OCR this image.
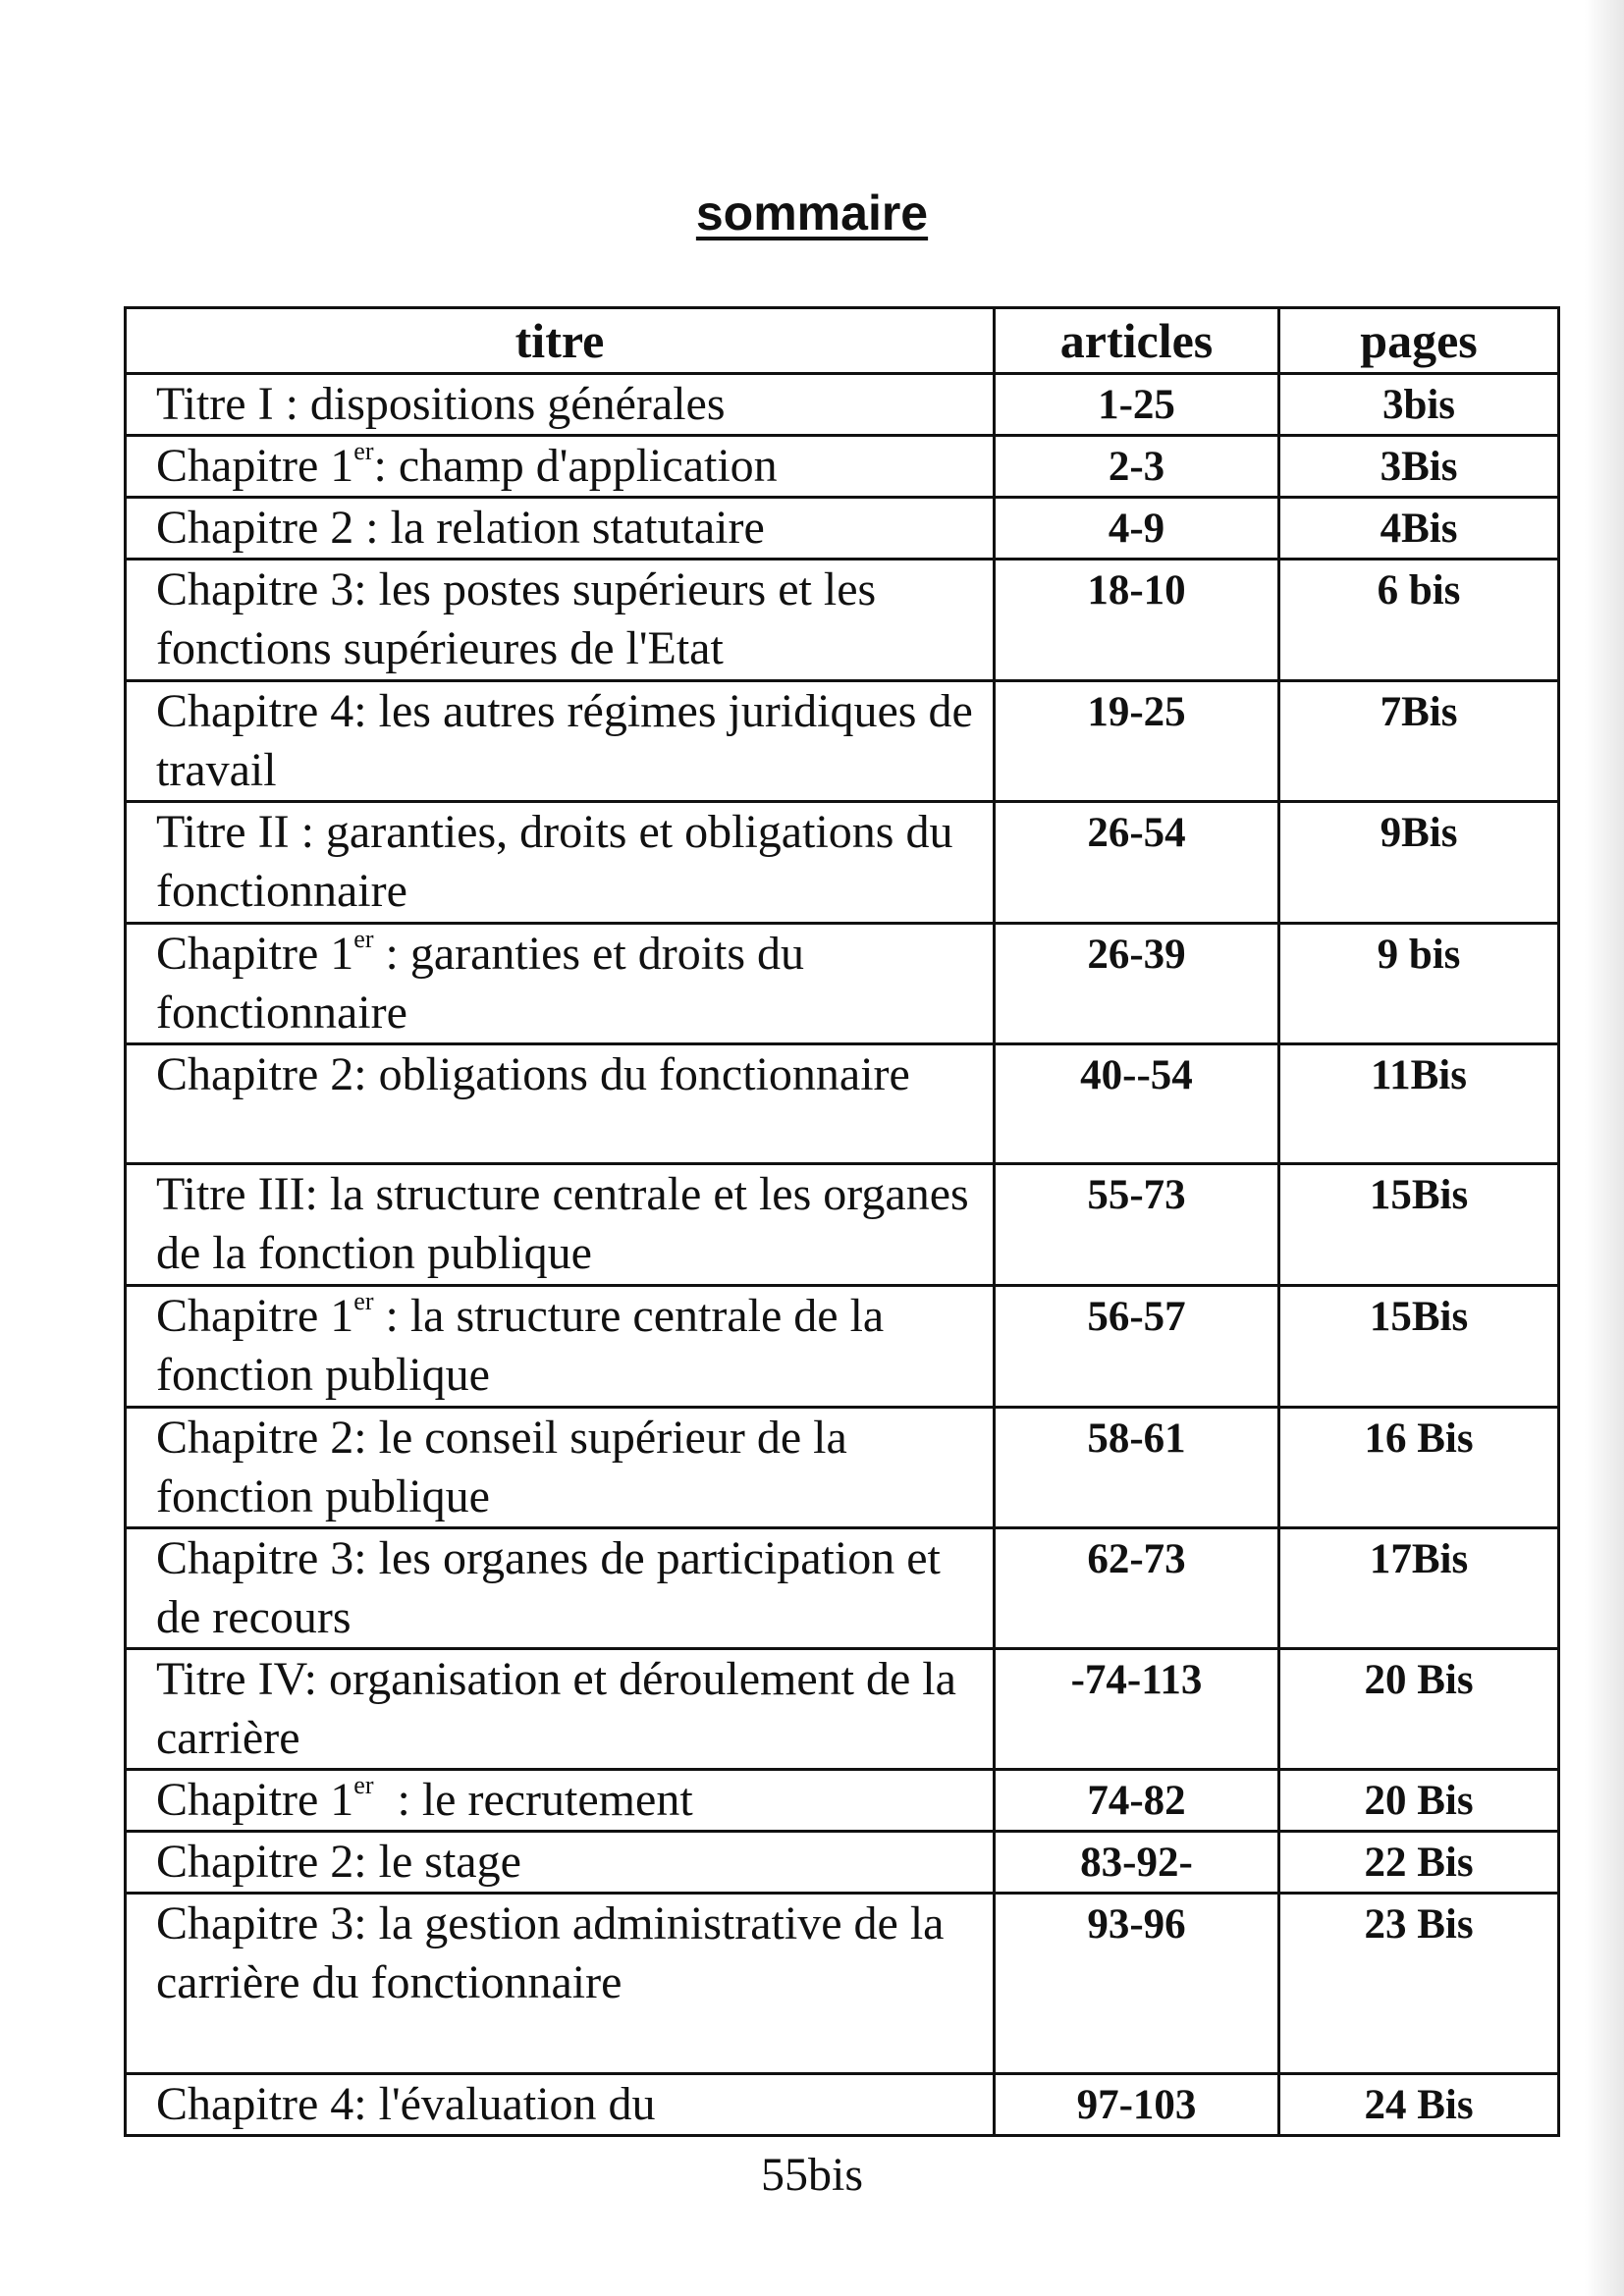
sommaire
titre	articles	pages
Titre I : dispositions générales	1-25	3bis
Chapitre 1er: champ d'application	2-3	3Bis
Chapitre 2 : la relation statutaire	4-9	4Bis
Chapitre 3: les postes supérieurs et les fonctions supérieures de l'Etat	18-10	6 bis
Chapitre 4: les autres régimes juridiques de travail	19-25	7Bis
Titre II : garanties, droits et obligations du fonctionnaire	26-54	9Bis
Chapitre 1er : garanties et droits du fonctionnaire	26-39	9 bis
Chapitre 2: obligations du fonctionnaire	40--54	11Bis
Titre III: la structure centrale et les organes de la fonction publique	55-73	15Bis
Chapitre 1er : la structure centrale de la fonction publique	56-57	15Bis
Chapitre 2: le conseil supérieur de la fonction publique	58-61	16 Bis
Chapitre 3: les organes de participation et de recours	62-73	17Bis
Titre IV: organisation et déroulement de la carrière	-74-113	20 Bis
Chapitre 1er  : le recrutement	74-82	20 Bis
Chapitre 2: le stage	83-92-	22 Bis
Chapitre 3: la gestion administrative de la carrière du fonctionnaire	93-96	23 Bis
Chapitre 4: l'évaluation du	97-103	24 Bis
55bis
